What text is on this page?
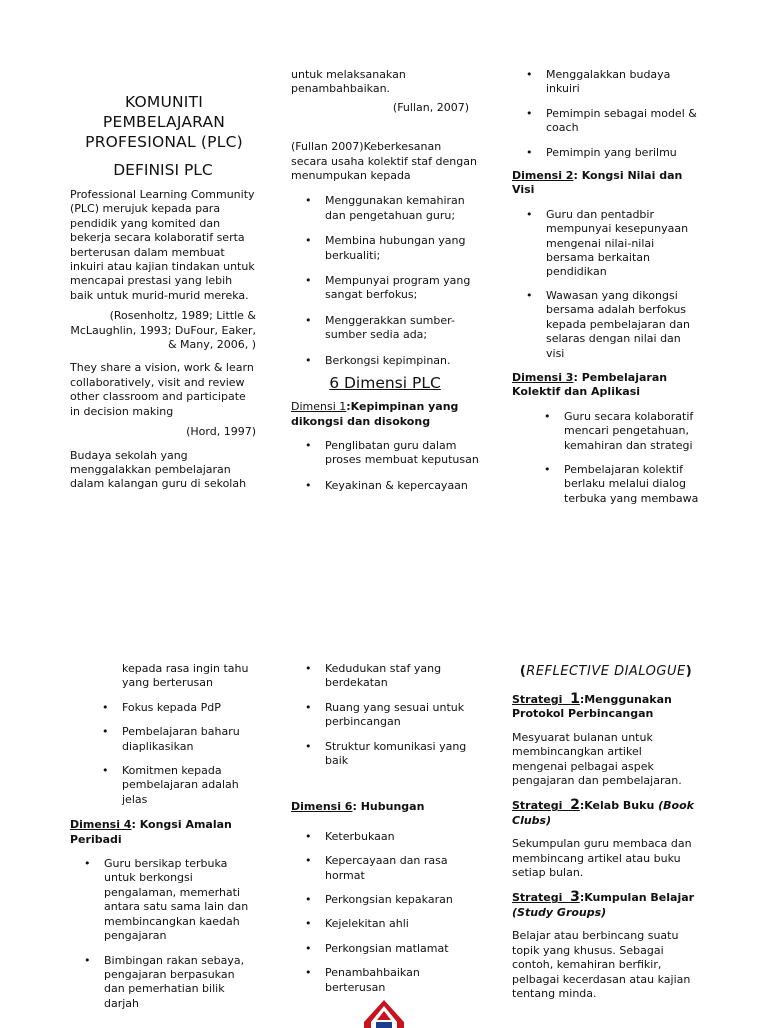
KOMUNITI
PEMBELAJARAN
PROFESIONAL (PLC)
DEFINISI PLC

Professional Learning Community (PLC) merujuk kepada para pendidik yang komited dan bekerja secara kolaboratif serta berterusan dalam membuat inkuiri atau kajian tindakan untuk mencapai prestasi yang lebih baik untuk murid-murid mereka.

(Rosenholtz, 1989; Little &
McLaughlin, 1993; DuFour, Eaker,
& Many, 2006, )

They share a vision, work & learn collaboratively, visit and review other classroom and participate in decision making

(Hord, 1997)

Budaya sekolah yang menggalakkan pembelajaran dalam kalangan guru di sekolah

untuk melaksanakan penambahbaikan.

(Fullan, 2007)

(Fullan 2007)Keberkesanan secara usaha kolektif staf dengan menumpukan kepada

• Menggunakan kemahiran dan pengetahuan guru;
• Membina hubungan yang berkualiti;
• Mempunyai program yang sangat berfokus;
• Menggerakkan sumber-sumber sedia ada;
• Berkongsi kepimpinan.
6 Dimensi PLC
Dimensi 1:Kepimpinan yang dikongsi dan disokong
• Penglibatan guru dalam proses membuat keputusan
• Keyakinan & kepercayaan
• Menggalakkan budaya inkuiri
• Pemimpin sebagai model & coach
• Pemimpin yang berilmu
Dimensi 2: Kongsi Nilai dan Visi
• Guru dan pentadbir mempunyai kesepunyaan mengenai nilai-nilai bersama berkaitan pendidikan
• Wawasan yang dikongsi bersama adalah berfokus kepada pembelajaran dan selaras dengan nilai dan visi
Dimensi 3: Pembelajaran Kolektif dan Aplikasi
• Guru secara kolaboratif mencari pengetahuan, kemahiran dan strategi
• Pembelajaran kolektif berlaku melalui dialog terbuka yang membawa

kepada rasa ingin tahu yang berterusan

• Fokus kepada PdP
• Pembelajaran baharu diaplikasikan
• Komitmen kepada pembelajaran adalah jelas
Dimensi 4: Kongsi Amalan Peribadi
• Guru bersikap terbuka untuk berkongsi pengalaman, memerhati antara satu sama lain dan membincangkan kaedah pengajaran
• Bimbingan rakan sebaya, pengajaran berpasukan dan pemerhatian bilik darjah
• Kedudukan staf yang berdekatan
• Ruang yang sesuai untuk perbincangan
• Struktur komunikasi yang baik
Dimensi 6: Hubungan
• Keterbukaan
• Kepercayaan dan rasa hormat
• Perkongsian kepakaran
• Kejelekitan ahli
• Perkongsian matlamat
• Penambahbaikan berterusan
(REFLECTIVE DIALOGUE)
Strategi 1:Menggunakan Protokol Perbincangan

Mesyuarat bulanan untuk membincangkan artikel mengenai pelbagai aspek pengajaran dan pembelajaran.

Strategi 2:Kelab Buku (Book Clubs)

Sekumpulan guru membaca dan membincang artikel atau buku setiap bulan.

Strategi 3:Kumpulan Belajar (Study Groups)

Belajar atau berbincang suatu topik yang khusus. Sebagai contoh, kemahiran berfikir, pelbagai kecerdasan atau kajian tentang minda.
